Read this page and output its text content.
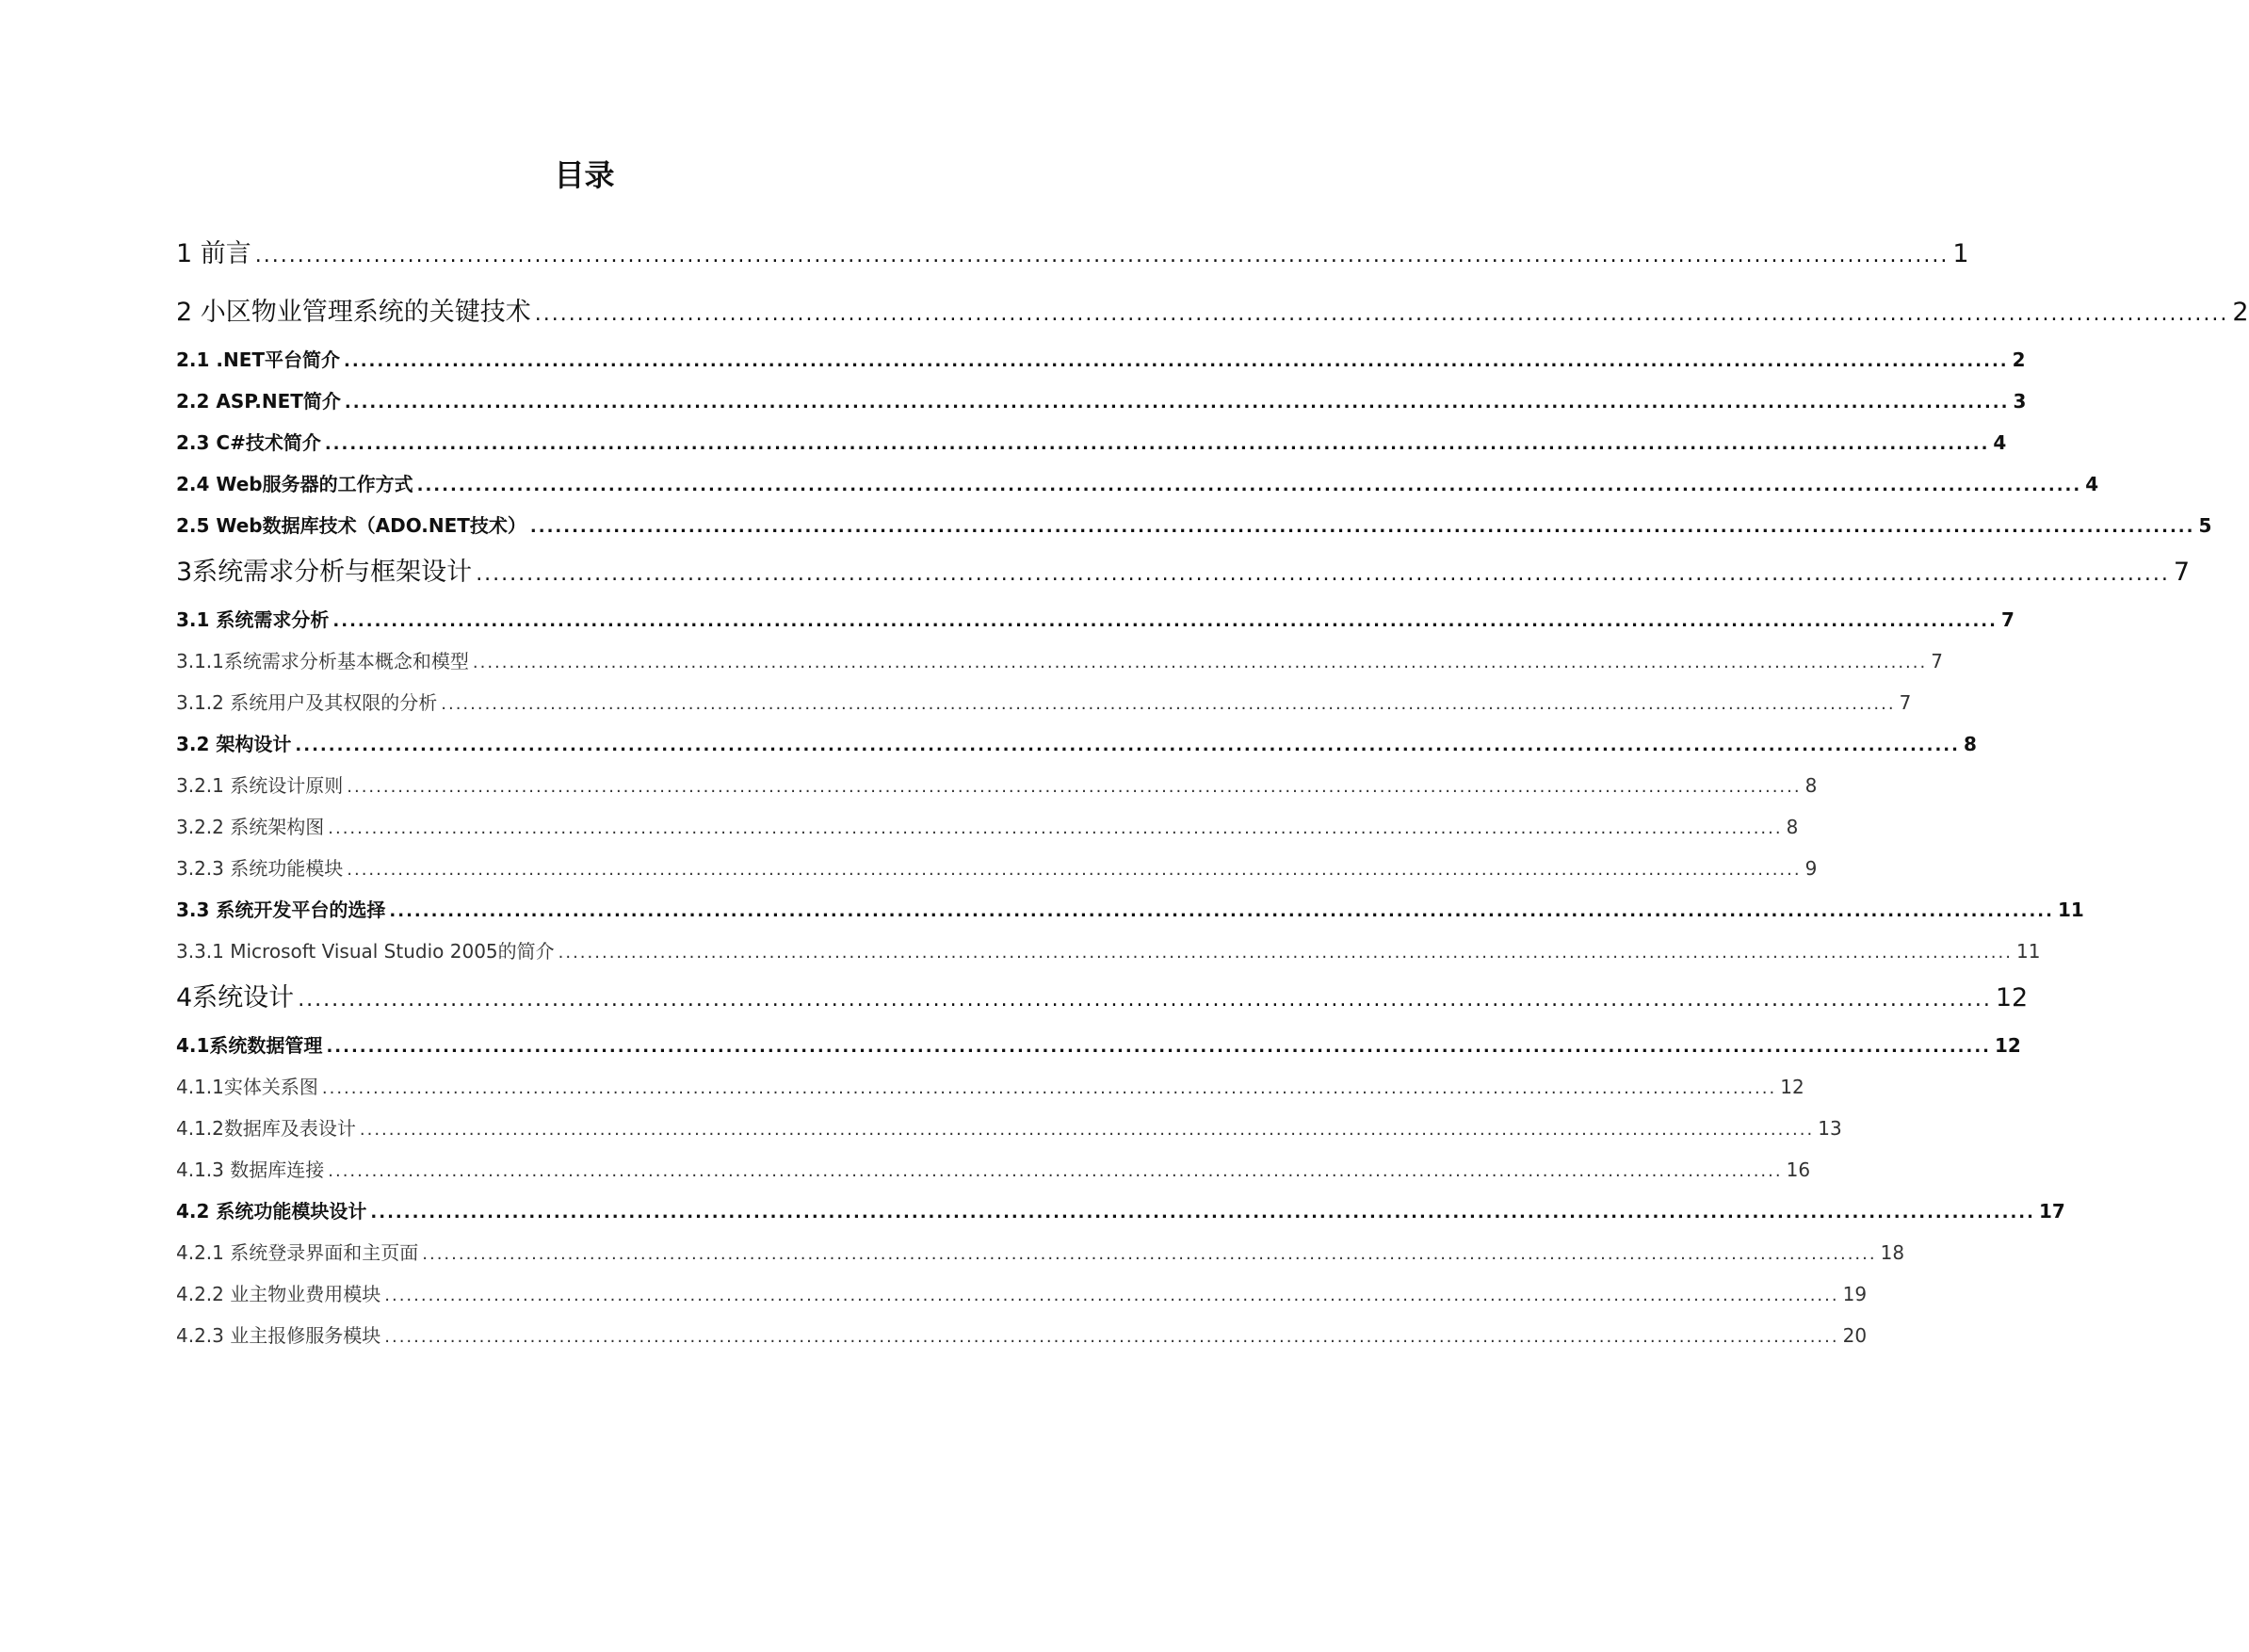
目录
1 前言 ........................................................................................................................................................................................................ 1
2 小区物业管理系统的关键技术 ........................................................................................................................................................................................................ 2
2.1 .NET平台简介 ........................................................................................................................................................................................................ 2
2.2 ASP.NET简介 ........................................................................................................................................................................................................ 3
2.3 C#技术简介 ........................................................................................................................................................................................................ 4
2.4 Web服务器的工作方式 ........................................................................................................................................................................................................ 4
2.5 Web数据库技术（ADO.NET技术） ........................................................................................................................................................................................................ 5
3系统需求分析与框架设计 ........................................................................................................................................................................................................ 7
3.1 系统需求分析 ........................................................................................................................................................................................................ 7
3.1.1系统需求分析基本概念和模型 ........................................................................................................................................................................................................ 7
3.1.2 系统用户及其权限的分析 ........................................................................................................................................................................................................ 7
3.2 架构设计 ........................................................................................................................................................................................................ 8
3.2.1 系统设计原则 ........................................................................................................................................................................................................ 8
3.2.2 系统架构图 ........................................................................................................................................................................................................ 8
3.2.3 系统功能模块 ........................................................................................................................................................................................................ 9
3.3 系统开发平台的选择 ........................................................................................................................................................................................................ 11
3.3.1 Microsoft Visual Studio 2005的简介 ........................................................................................................................................................................................................ 11
4系统设计 ........................................................................................................................................................................................................ 12
4.1系统数据管理 ........................................................................................................................................................................................................ 12
4.1.1实体关系图 ........................................................................................................................................................................................................ 12
4.1.2数据库及表设计 ........................................................................................................................................................................................................ 13
4.1.3 数据库连接 ........................................................................................................................................................................................................ 16
4.2 系统功能模块设计 ........................................................................................................................................................................................................ 17
4.2.1 系统登录界面和主页面 ........................................................................................................................................................................................................ 18
4.2.2 业主物业费用模块 ........................................................................................................................................................................................................ 19
4.2.3 业主报修服务模块 ........................................................................................................................................................................................................ 20
